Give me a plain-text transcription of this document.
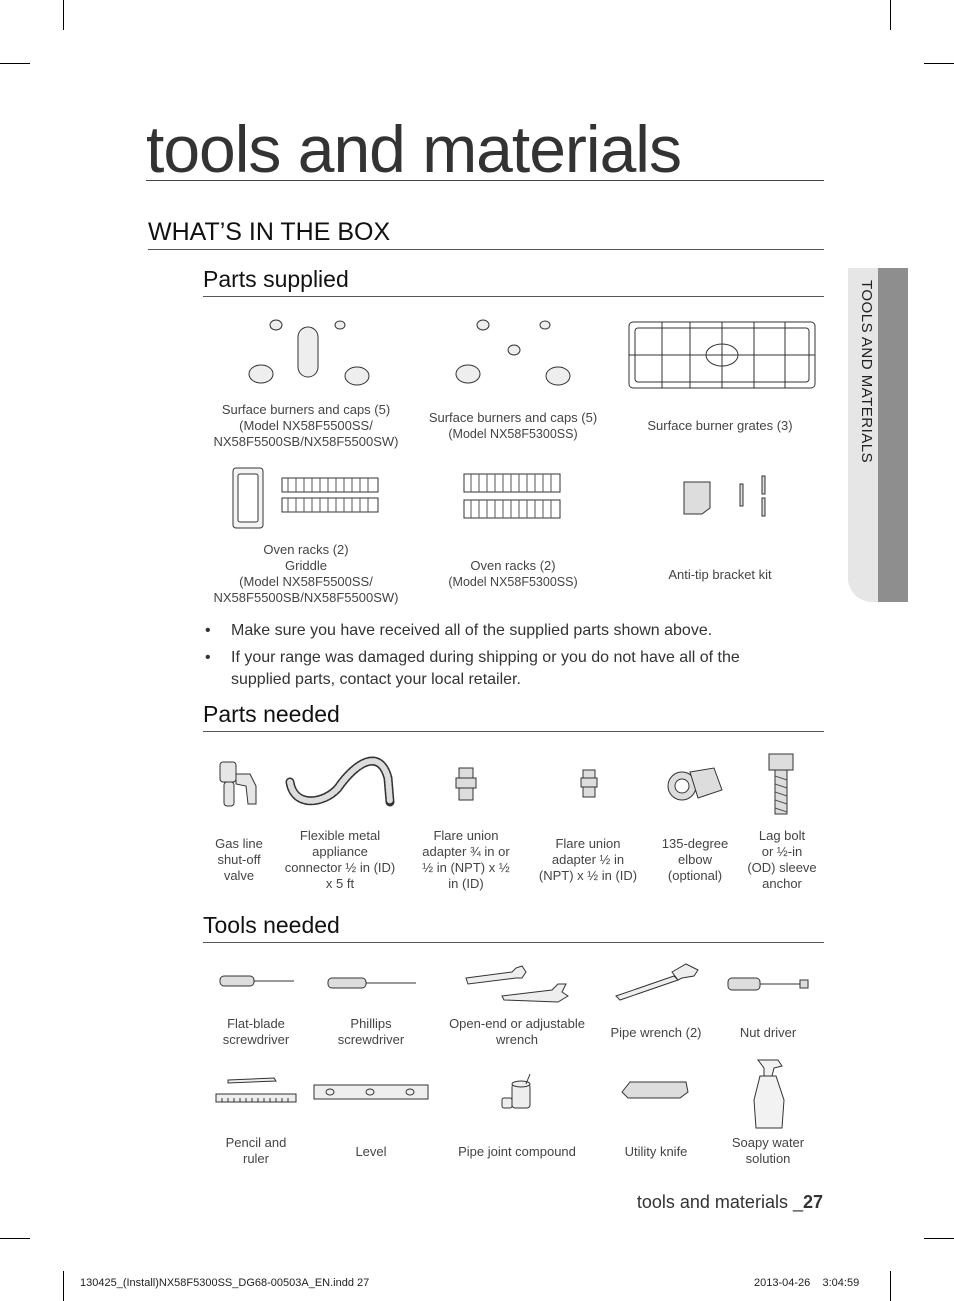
tools and materials
WHAT’S IN THE BOX
TOOLS AND MATERIALS
Parts supplied
Surface burners and caps (5)
(Model NX58F5500SS/
NX58F5500SB/NX58F5500SW)
Surface burners and caps (5)
(Model NX58F5300SS)
Surface burner grates (3)
Oven racks (2)
Griddle
(Model NX58F5500SS/
NX58F5500SB/NX58F5500SW)
Oven racks (2)
(Model NX58F5300SS)	Anti-tip bracket kit
• Make sure you have received all of the supplied parts shown above.
• If your range was damaged during shipping or you do not have all of the supplied parts, contact your local retailer.
Parts needed
Gas line
shut-off
valve
Flexible metal
appliance
connector ½ in (ID)
x 5 ft
Flare union
adapter ¾ in or
½ in (NPT) x ½
in (ID)
Flare union
adapter ½ in
(NPT) x ½ in (ID)
135-degree
elbow
(optional)
Lag bolt
or ½-in
(OD) sleeve
anchor
Tools needed
Flat-blade
screwdriver
Phillips
screwdriver
Open-end or adjustable
wrench	Pipe wrench (2)	Nut driver
Pencil and
ruler	Level	Pipe joint compound	Utility knife
Soapy water
solution
tools and materials _27
130425_(Install)NX58F5300SS_DG68-00503A_EN.indd 27	2013-04-26    3:04:59
